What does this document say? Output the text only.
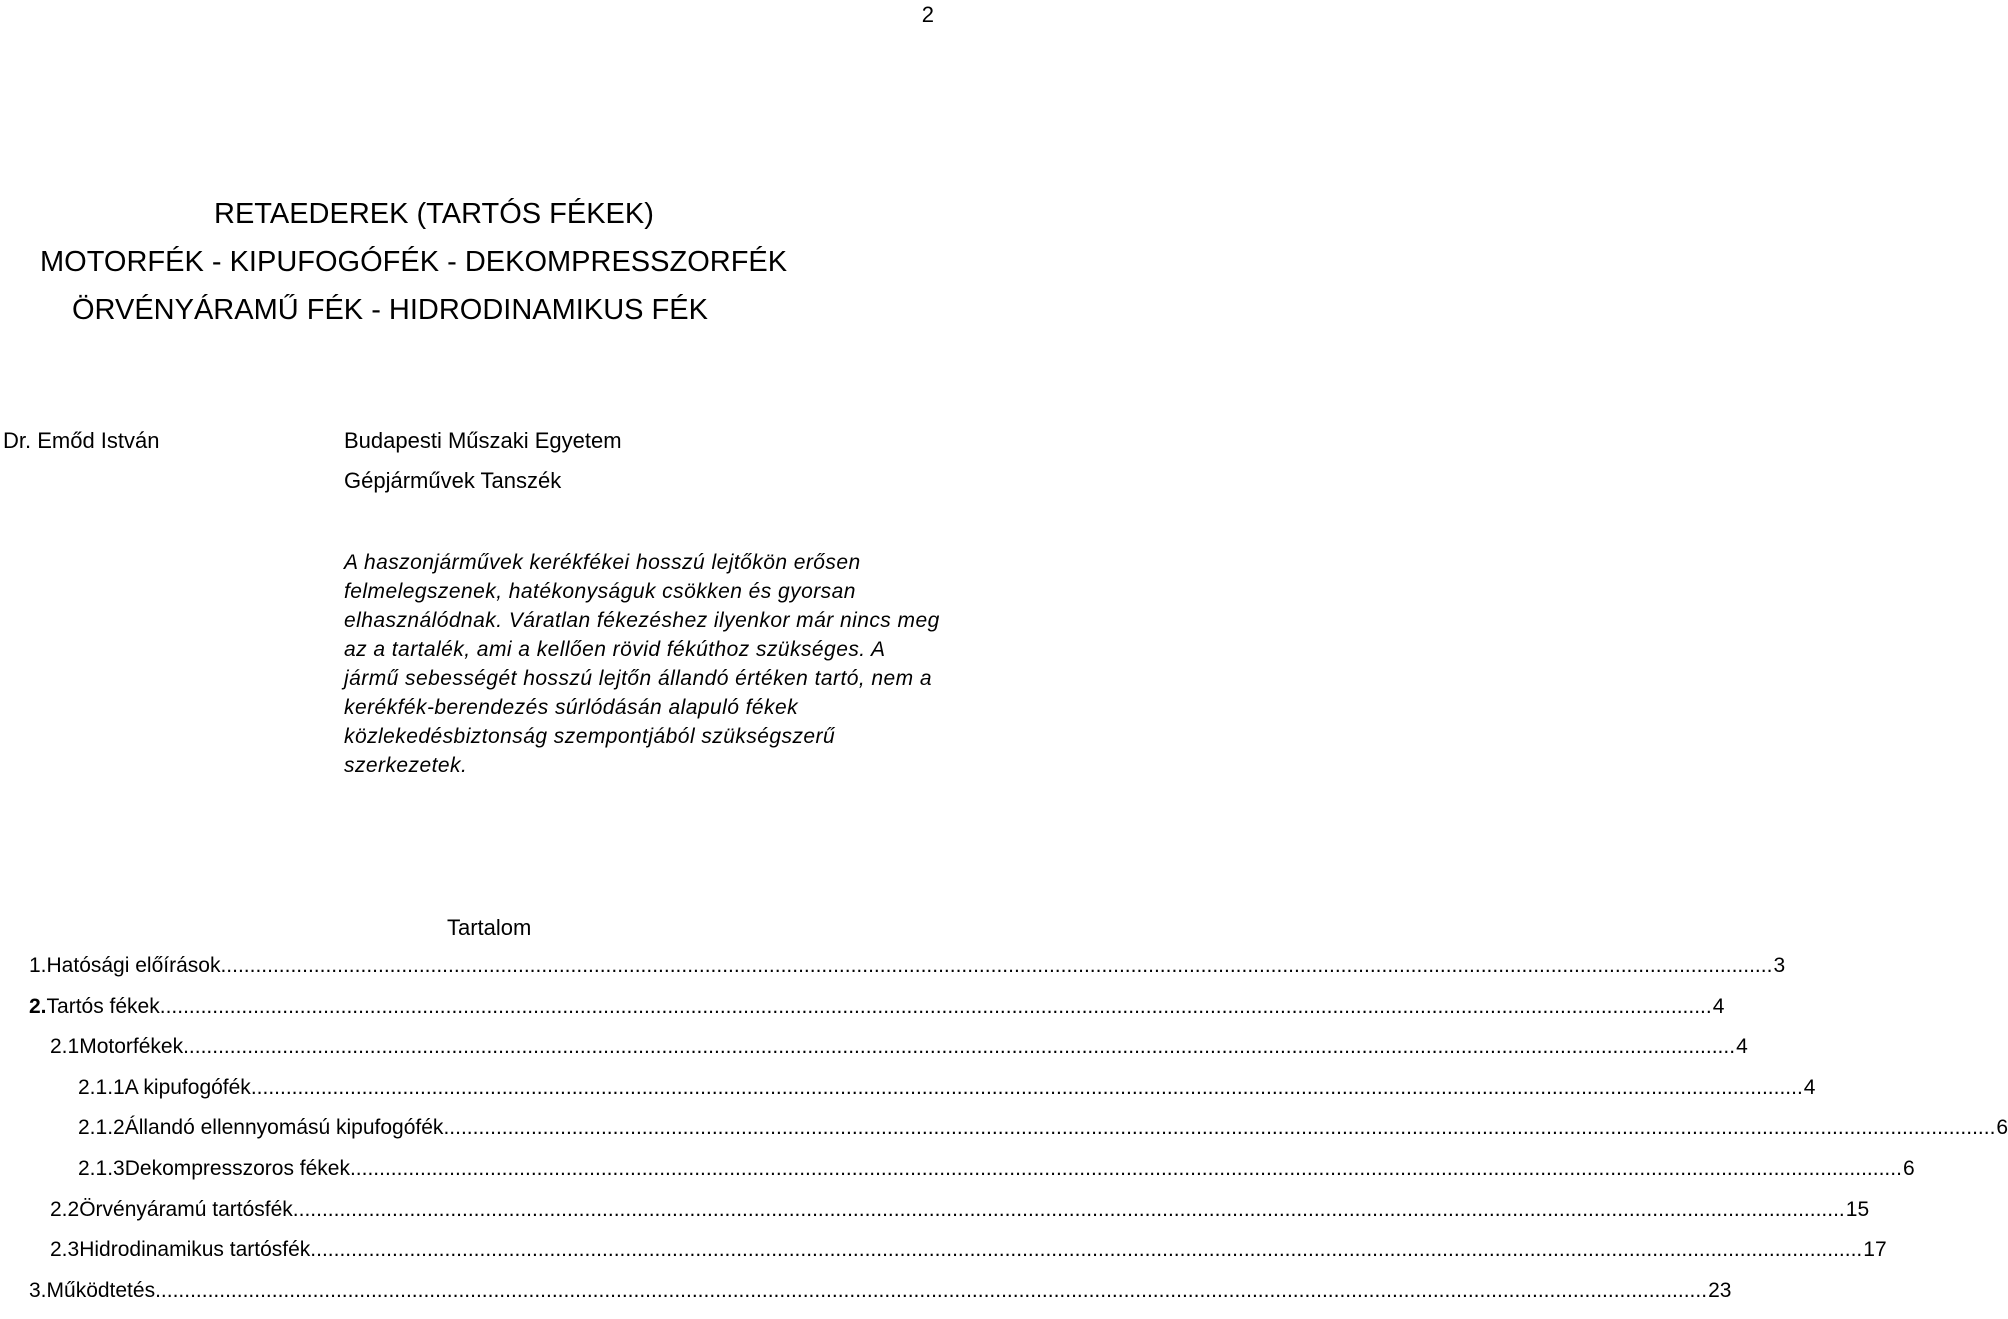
2
RETAEDEREK (TARTÓS FÉKEK)
MOTORFÉK - KIPUFOGÓFÉK - DEKOMPRESSZORFÉK
ÖRVÉNYÁRAMŰ FÉK - HIDRODINAMIKUS FÉK
Dr. Emőd István	Budapesti Műszaki Egyetem
Gépjárművek Tanszék
A haszonjárművek kerékfékei hosszú lejtőkön erősen felmelegszenek, hatékonyságuk csökken és gyorsan elhasználódnak. Váratlan fékezéshez ilyenkor már nincs meg az a tartalék, ami a kellően rövid fékúthoz szükséges. A jármű sebességét hosszú lejtőn állandó értéken tartó, nem a kerékfék-berendezés súrlódásán alapuló fékek közlekedésbiztonság szempontjából szükségszerű szerkezetek.
Tartalom
1. Hatósági előírások .....	3
2. Tartós fékek .....	4
2.1 Motorfékek .....	4
2.1.1 A kipufogófék .....	4
2.1.2 Állandó ellennyomású kipufogófék .....	6
2.1.3 Dekompresszoros fékek .....	6
2.2 Örvényáramú tartósfék .....	15
2.3 Hidrodinamikus tartósfék .....	17
3. Működtetés .....	23
